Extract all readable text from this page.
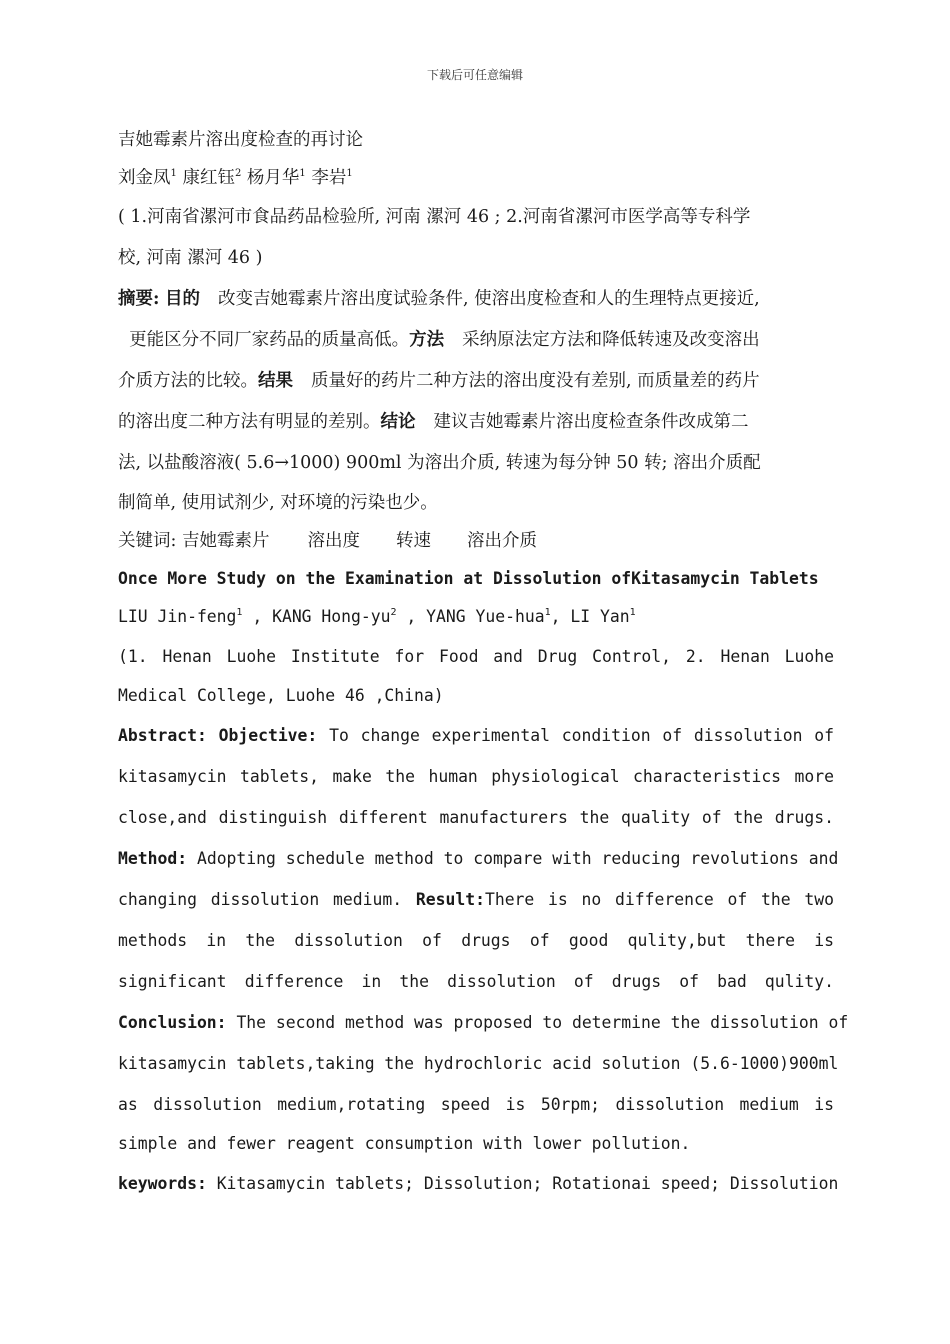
下载后可任意编辑
吉她霉素片溶出度检查的再讨论
刘金凤$^1$ 康红钰$^2$ 杨月华$^1$ 李岩$^1$
( 1.河南省漯河市食品药品检验所, 河南 漯河 46 ; 2.河南省漯河市医学高等专科学
校, 河南 漯河 46 )
摘要: 目的 改变吉她霉素片溶出度试验条件, 使溶出度检查和人的生理特点更接近,
更能区分不同厂家药品的质量高低。方法 采纳原法定方法和降低转速及改变溶出
介质方法的比较。结果 质量好的药片二种方法的溶出度没有差别, 而质量差的药片
的溶出度二种方法有明显的差别。结论 建议吉她霉素片溶出度检查条件改成第二
法, 以盐酸溶液( 5.6→1000) 900ml 为溶出介质, 转速为每分钟 50 转; 溶出介质配
制简单, 使用试剂少, 对环境的污染也少。
关键词: 吉她霉素片 溶出度 转速 溶出介质
Once More Study on the Examination at Dissolution ofKitasamycin Tablets
LIU Jin-feng$^1$ , KANG Hong-$yu^2$ , YANG Yue-hua$^1$, LI Yan$^1$
(1. Henan Luohe Institute for Food and Drug Control, 2. Henan Luohe
Medical College, Luohe 46 ,China)
Abstract: Objective: To change experimental condition of dissolution of
kitasamycin tablets, make the human physiological characteristics more
close,and distinguish different manufacturers the quality of the drugs.
Method: Adopting schedule method to compare with reducing revolutions and
changing dissolution medium. Result:There is no difference of the two
methods in the dissolution of drugs of good qulity,but there is
significant difference in the dissolution of drugs of bad qulity.
Conclusion: The second method was proposed to determine the dissolution of
kitasamycin tablets,taking the hydrochloric acid solution (5.6-1000)900ml
as dissolution medium,rotating speed is 50rpm; dissolution medium is
simple and fewer reagent consumption with lower pollution.
keywords: Kitasamycin tablets; Dissolution; Rotationai speed; Dissolution
